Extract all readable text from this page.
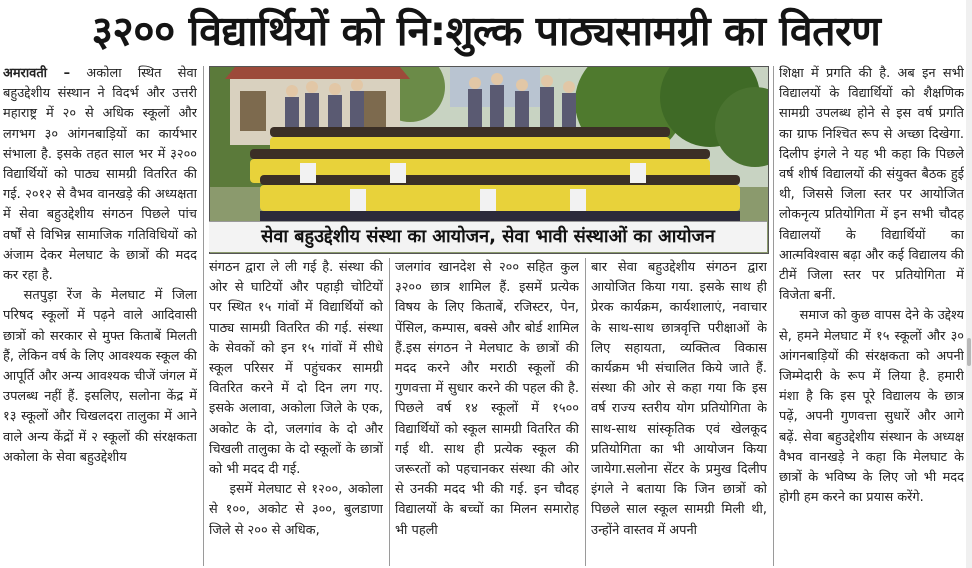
३२०० विद्यार्थियों को नि:शुल्क पाठ्यसामग्री का वितरण

अमरावती – अकोला स्थित सेवा बहुउद्देशीय संस्थान ने विदर्भ और उत्तरी महाराष्ट्र में २० से अधिक स्कूलों और लगभग ३० आंगनबाड़ियों का कार्यभार संभाला है. इसके तहत साल भर में ३२०० विद्यार्थियों को पाठ्य सामग्री वितरित की गई. २०१२ से वैभव वानखड़े की अध्यक्षता में सेवा बहुउद्देशीय संगठन पिछले पांच वर्षों से विभिन्न सामाजिक गतिविधियों को अंजाम देकर मेलघाट के छात्रों की मदद कर रहा है.

सतपुड़ा रेंज के मेलघाट में जिला परिषद स्कूलों में पढ़ने वाले आदिवासी छात्रों को सरकार से मुफ्त किताबें मिलती हैं, लेकिन वर्ष के लिए आवश्यक स्कूल की आपूर्ति और अन्य आवश्यक चीजें जंगल में उपलब्ध नहीं हैं. इसलिए, सलोना केंद्र में १३ स्कूलों और चिखलदरा तालुका में आने वाले अन्य केंद्रों में २ स्कूलों की संरक्षकता अकोला के सेवा बहुउद्देशीय

सेवा बहुउद्देशीय संस्था का आयोजन, सेवा भावी संस्थाओं का आयोजन

संगठन द्वारा ले ली गई है. संस्था की ओर से घाटियों और पहाड़ी चोटियों पर स्थित १५ गांवों में विद्यार्थियों को पाठ्य सामग्री वितरित की गई. संस्था के सेवकों को इन १५ गांवों में सीधे स्कूल परिसर में पहुंचकर सामग्री वितरित करने में दो दिन लग गए. इसके अलावा, अकोला जिले के एक, अकोट के दो, जलगांव के दो और चिखली तालुका के दो स्कूलों के छात्रों को भी मदद दी गई.

इसमें मेलघाट से १२००, अकोला से १००, अकोट से ३००, बुलडाणा जिले से २०० से अधिक,

जलगांव खानदेश से २०० सहित कुल ३२०० छात्र शामिल हैं. इसमें प्रत्येक विषय के लिए किताबें, रजिस्टर, पेन, पेंसिल, कम्पास, बक्से और बोर्ड शामिल हैं.इस संगठन ने मेलघाट के छात्रों की मदद करने और मराठी स्कूलों की गुणवत्ता में सुधार करने की पहल की है. पिछले वर्ष १४ स्कूलों में १५०० विद्यार्थियों को स्कूल सामग्री वितरित की गई थी. साथ ही प्रत्येक स्कूल की जरूरतों को पहचानकर संस्था की ओर से उनकी मदद भी की गई. इन चौदह विद्यालयों के बच्चों का मिलन समारोह भी पहली

बार सेवा बहुउद्देशीय संगठन द्वारा आयोजित किया गया. इसके साथ ही प्रेरक कार्यक्रम, कार्यशालाएं, नवाचार के साथ-साथ छात्रवृत्ति परीक्षाओं के लिए सहायता, व्यक्तित्व विकास कार्यक्रम भी संचालित किये जाते हैं. संस्था की ओर से कहा गया कि इस वर्ष राज्य स्तरीय योग प्रतियोगिता के साथ-साथ सांस्कृतिक एवं खेलकूद प्रतियोगिता का भी आयोजन किया जायेगा.सलोना सेंटर के प्रमुख दिलीप इंगले ने बताया कि जिन छात्रों को पिछले साल स्कूल सामग्री मिली थी, उन्होंने वास्तव में अपनी

शिक्षा में प्रगति की है. अब इन सभी विद्यालयों के विद्यार्थियों को शैक्षणिक सामग्री उपलब्ध होने से इस वर्ष प्रगति का ग्राफ निश्चित रूप से अच्छा दिखेगा. दिलीप इंगले ने यह भी कहा कि पिछले वर्ष शीर्ष विद्यालयों की संयुक्त बैठक हुई थी, जिससे जिला स्तर पर आयोजित लोकनृत्य प्रतियोगिता में इन सभी चौदह विद्यालयों के विद्यार्थियों का आत्मविश्वास बढ़ा और कई विद्यालय की टीमें जिला स्तर पर प्रतियोगिता में विजेता बनीं.

समाज को कुछ वापस देने के उद्देश्य से, हमने मेलघाट में १५ स्कूलों और ३० आंगनबाड़ियों की संरक्षकता को अपनी जिम्मेदारी के रूप में लिया है. हमारी मंशा है कि इस पूरे विद्यालय के छात्र पढ़ें, अपनी गुणवत्ता सुधारें और आगे बढ़ें. सेवा बहुउद्देशीय संस्थान के अध्यक्ष वैभव वानखड़े ने कहा कि मेलघाट के छात्रों के भविष्य के लिए जो भी मदद होगी हम करने का प्रयास करेंगे.
